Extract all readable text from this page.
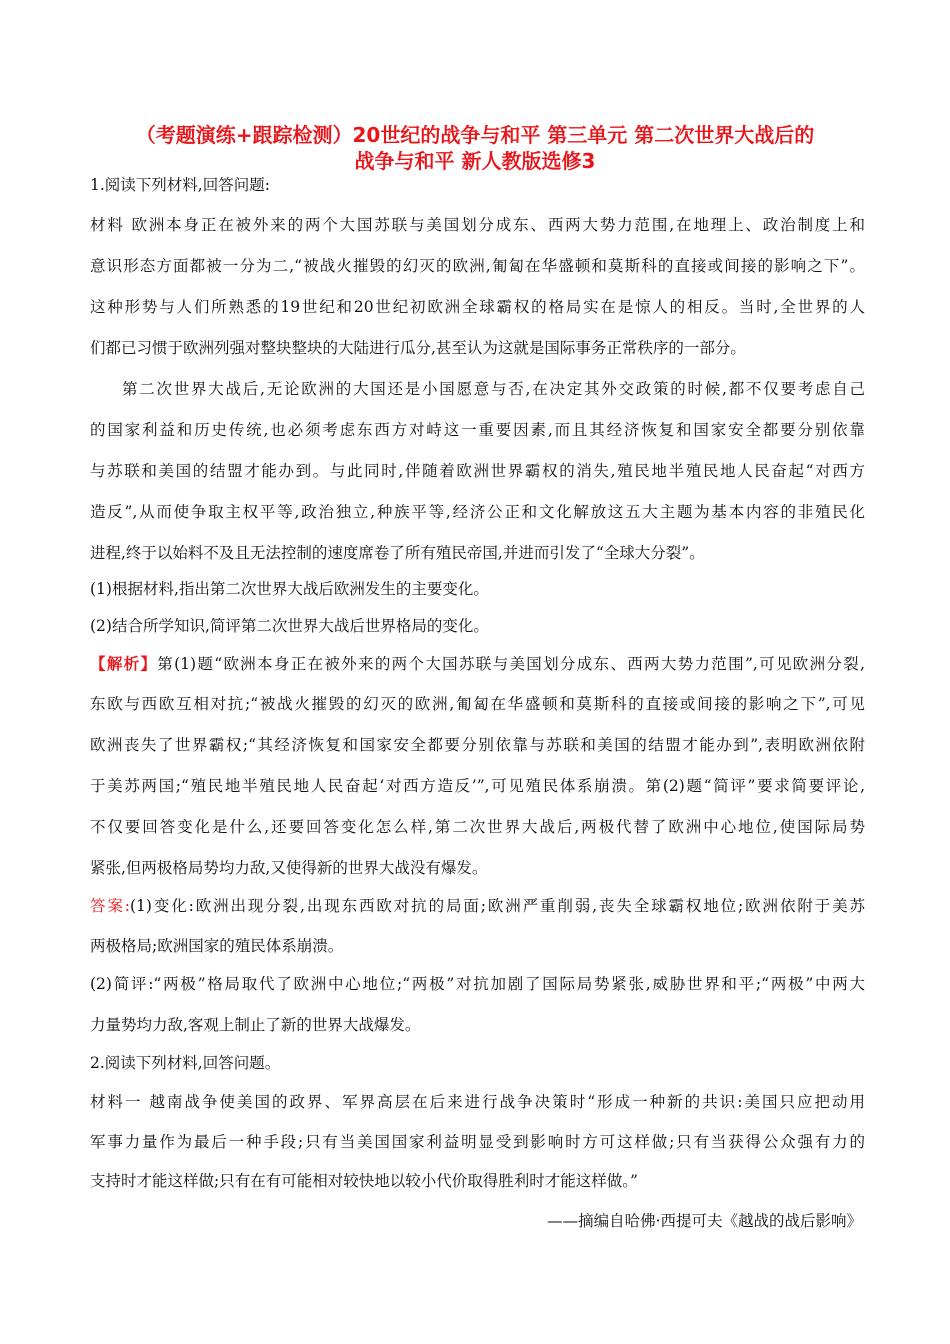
（考题演练+跟踪检测）20世纪的战争与和平 第三单元 第二次世界大战后的
战争与和平 新人教版选修3
1.阅读下列材料,回答问题:
材料 欧洲本身正在被外来的两个大国苏联与美国划分成东、西两大势力范围,在地理上、政治制度上和
意识形态方面都被一分为二,“被战火摧毁的幻灭的欧洲,匍匐在华盛顿和莫斯科的直接或间接的影响之下”。
这种形势与人们所熟悉的19世纪和20世纪初欧洲全球霸权的格局实在是惊人的相反。当时,全世界的人
们都已习惯于欧洲列强对整块整块的大陆进行瓜分,甚至认为这就是国际事务正常秩序的一部分。
第二次世界大战后,无论欧洲的大国还是小国愿意与否,在决定其外交政策的时候,都不仅要考虑自己
的国家利益和历史传统,也必须考虑东西方对峙这一重要因素,而且其经济恢复和国家安全都要分别依靠
与苏联和美国的结盟才能办到。与此同时,伴随着欧洲世界霸权的消失,殖民地半殖民地人民奋起“对西方
造反”,从而使争取主权平等,政治独立,种族平等,经济公正和文化解放这五大主题为基本内容的非殖民化
进程,终于以始料不及且无法控制的速度席卷了所有殖民帝国,并进而引发了“全球大分裂”。
(1)根据材料,指出第二次世界大战后欧洲发生的主要变化。
(2)结合所学知识,简评第二次世界大战后世界格局的变化。
【解析】第(1)题“欧洲本身正在被外来的两个大国苏联与美国划分成东、西两大势力范围”,可见欧洲分裂,
东欧与西欧互相对抗;“被战火摧毁的幻灭的欧洲,匍匐在华盛顿和莫斯科的直接或间接的影响之下”,可见
欧洲丧失了世界霸权;“其经济恢复和国家安全都要分别依靠与苏联和美国的结盟才能办到”,表明欧洲依附
于美苏两国;“殖民地半殖民地人民奋起‘对西方造反’”,可见殖民体系崩溃。第(2)题“简评”要求简要评论,
不仅要回答变化是什么,还要回答变化怎么样,第二次世界大战后,两极代替了欧洲中心地位,使国际局势
紧张,但两极格局势均力敌,又使得新的世界大战没有爆发。
答案:(1)变化:欧洲出现分裂,出现东西欧对抗的局面;欧洲严重削弱,丧失全球霸权地位;欧洲依附于美苏
两极格局;欧洲国家的殖民体系崩溃。
(2)简评:“两极”格局取代了欧洲中心地位;“两极”对抗加剧了国际局势紧张,威胁世界和平;“两极”中两大
力量势均力敌,客观上制止了新的世界大战爆发。
2.阅读下列材料,回答问题。
材料一 越南战争使美国的政界、军界高层在后来进行战争决策时“形成一种新的共识:美国只应把动用
军事力量作为最后一种手段;只有当美国国家利益明显受到影响时方可这样做;只有当获得公众强有力的
支持时才能这样做;只有在有可能相对较快地以较小代价取得胜利时才能这样做。”
——摘编自哈佛·西提可夫《越战的战后影响》
